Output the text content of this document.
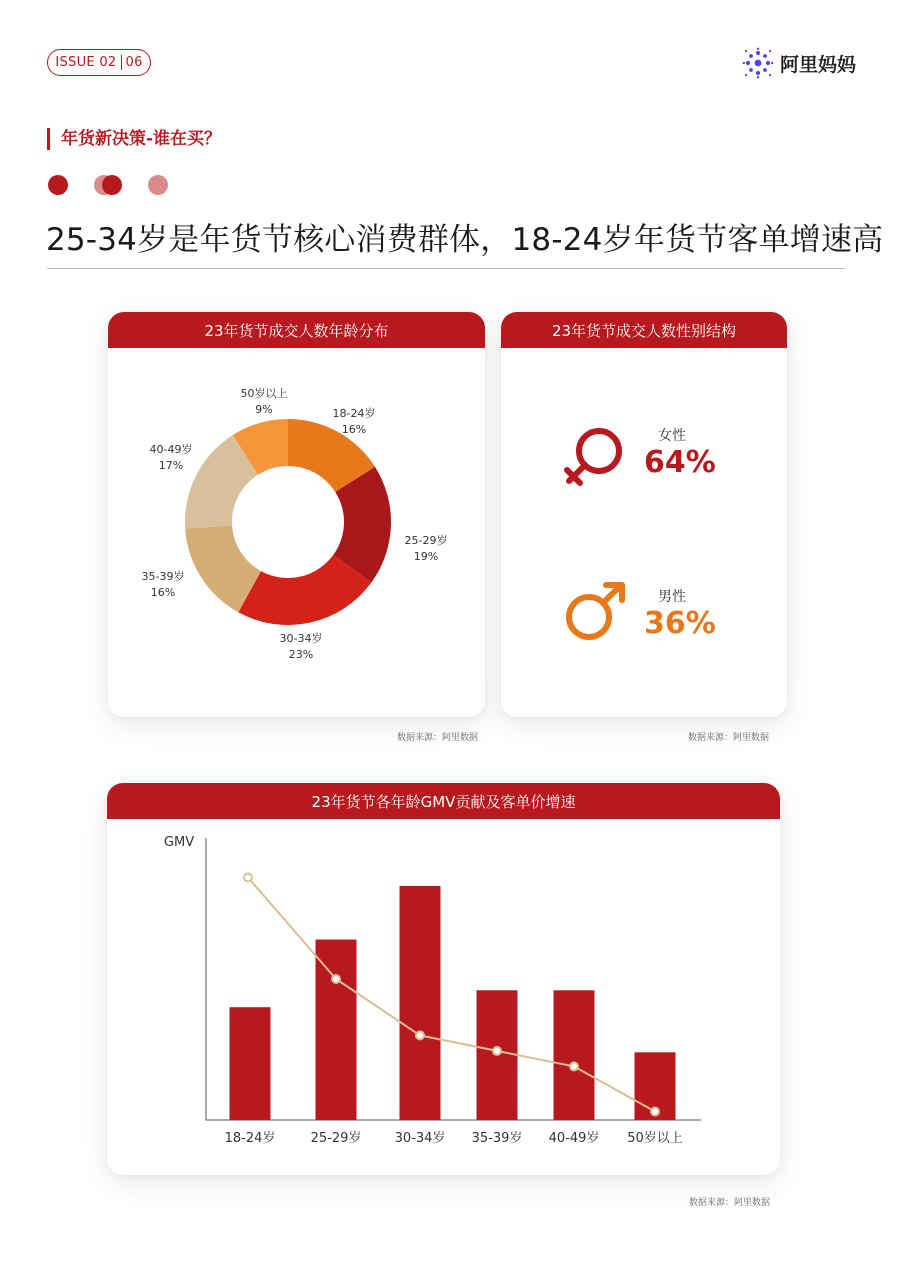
ISSUE 02 06	阿里妈妈
年货新决策-谁在买？
25-34岁是年货节核心消费群体，18-24岁年货节客单增速高
23年货节成交人数年龄分布
18-24岁
16%
25-29岁
19%
30-34岁
23%
35-39岁
16%
40-49岁
17%
50岁以上
9%
数据来源：阿里数据
23年货节成交人数性别结构
女性
64%
男性
36%
数据来源：阿里数据
23年货节各年龄GMV贡献及客单价增速
GMV
18-24岁	25-29岁	30-34岁 35-39岁 40-49岁 50岁以上
数据来源：阿里数据
